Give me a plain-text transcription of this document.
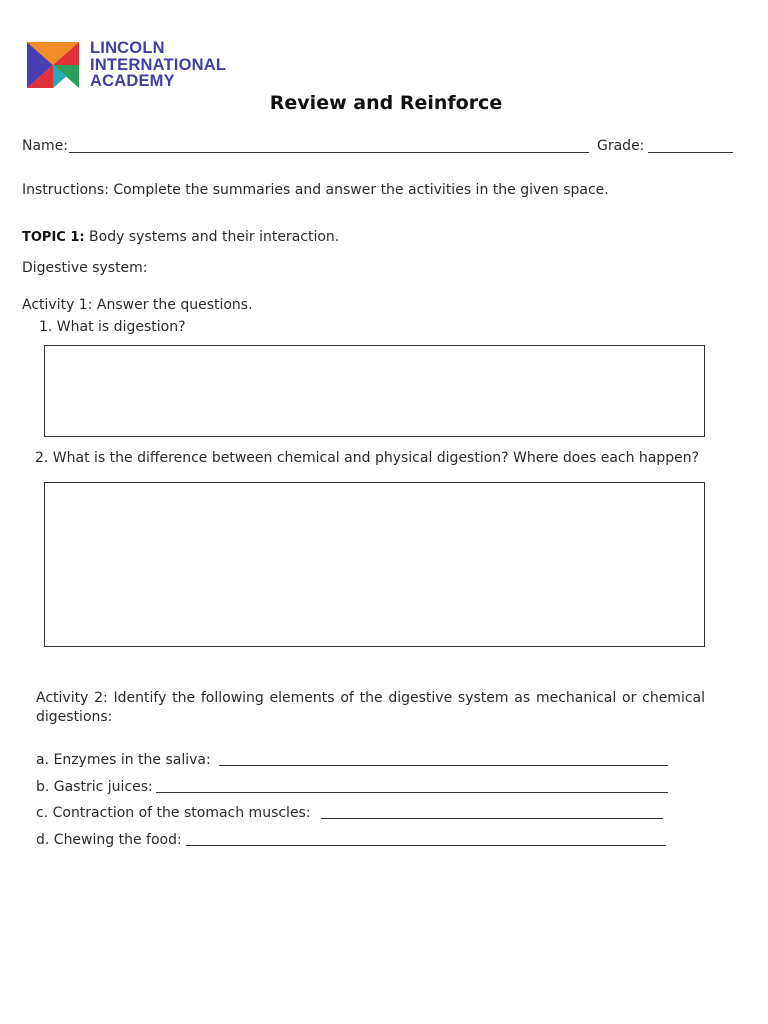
LINCOLN
INTERNATIONAL
ACADEMY
Review and Reinforce
Name:	Grade:
Instructions: Complete the summaries and answer the activities in the given space.
TOPIC 1: Body systems and their interaction.
Digestive system:
Activity 1: Answer the questions.
1. What is digestion?
2. What is the difference between chemical and physical digestion? Where does each happen?
Activity 2: Identify the following elements of the digestive system as mechanical or chemical digestions:
a. Enzymes in the saliva:
b. Gastric juices:
c. Contraction of the stomach muscles:
d. Chewing the food:
